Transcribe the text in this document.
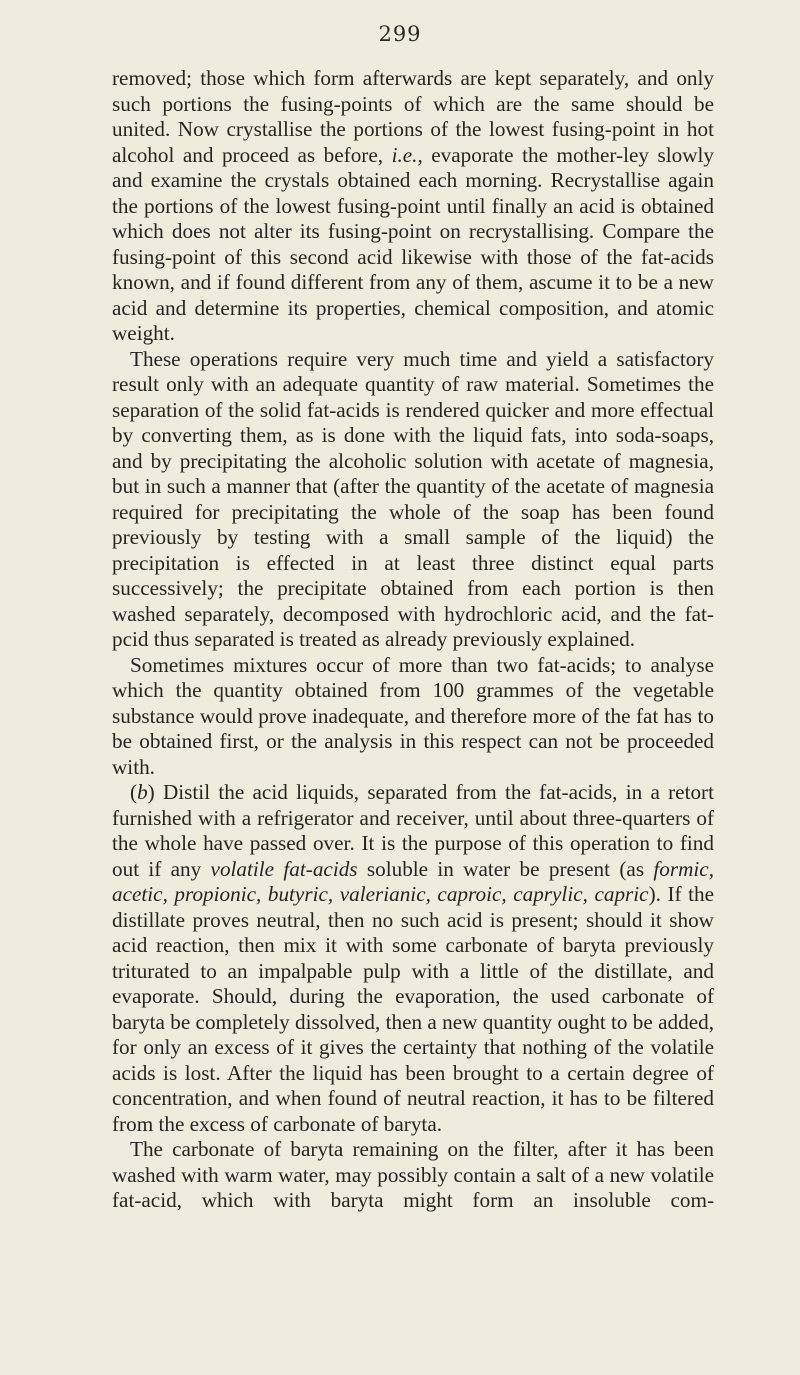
299

removed; those which form afterwards are kept separately, and only such portions the fusing-points of which are the same should be united. Now crystallise the portions of the lowest fusing-point in hot alcohol and proceed as before, i.e., evaporate the mother-ley slowly and examine the crystals obtained each morning. Recrystallise again the portions of the lowest fusing-point until finally an acid is obtained which does not alter its fusing-point on recrystallising. Compare the fusing-point of this second acid likewise with those of the fat-acids known, and if found different from any of them, ascume it to be a new acid and determine its properties, chemical composition, and atomic weight.

These operations require very much time and yield a satisfactory result only with an adequate quantity of raw material. Sometimes the separation of the solid fat-acids is rendered quicker and more effectual by converting them, as is done with the liquid fats, into soda-soaps, and by precipitating the alcoholic solution with acetate of magnesia, but in such a manner that (after the quantity of the acetate of magnesia required for precipitating the whole of the soap has been found previously by testing with a small sample of the liquid) the precipitation is effected in at least three distinct equal parts successively; the precipitate obtained from each portion is then washed separately, decomposed with hydrochloric acid, and the fat-pcid thus separated is treated as already previously explained.

Sometimes mixtures occur of more than two fat-acids; to analyse which the quantity obtained from 100 grammes of the vegetable substance would prove inadequate, and therefore more of the fat has to be obtained first, or the analysis in this respect can not be proceeded with.

(b) Distil the acid liquids, separated from the fat-acids, in a retort furnished with a refrigerator and receiver, until about three-quarters of the whole have passed over. It is the purpose of this operation to find out if any volatile fat-acids soluble in water be present (as formic, acetic, propionic, butyric, valerianic, caproic, caprylic, capric). If the distillate proves neutral, then no such acid is present; should it show acid reaction, then mix it with some carbonate of baryta previously triturated to an impalpable pulp with a little of the distillate, and evaporate. Should, during the evaporation, the used carbonate of baryta be completely dissolved, then a new quantity ought to be added, for only an excess of it gives the certainty that nothing of the volatile acids is lost. After the liquid has been brought to a certain degree of concentration, and when found of neutral reaction, it has to be filtered from the excess of carbonate of baryta.

The carbonate of baryta remaining on the filter, after it has been washed with warm water, may possibly contain a salt of a new volatile fat-acid, which with baryta might form an insoluble com-
